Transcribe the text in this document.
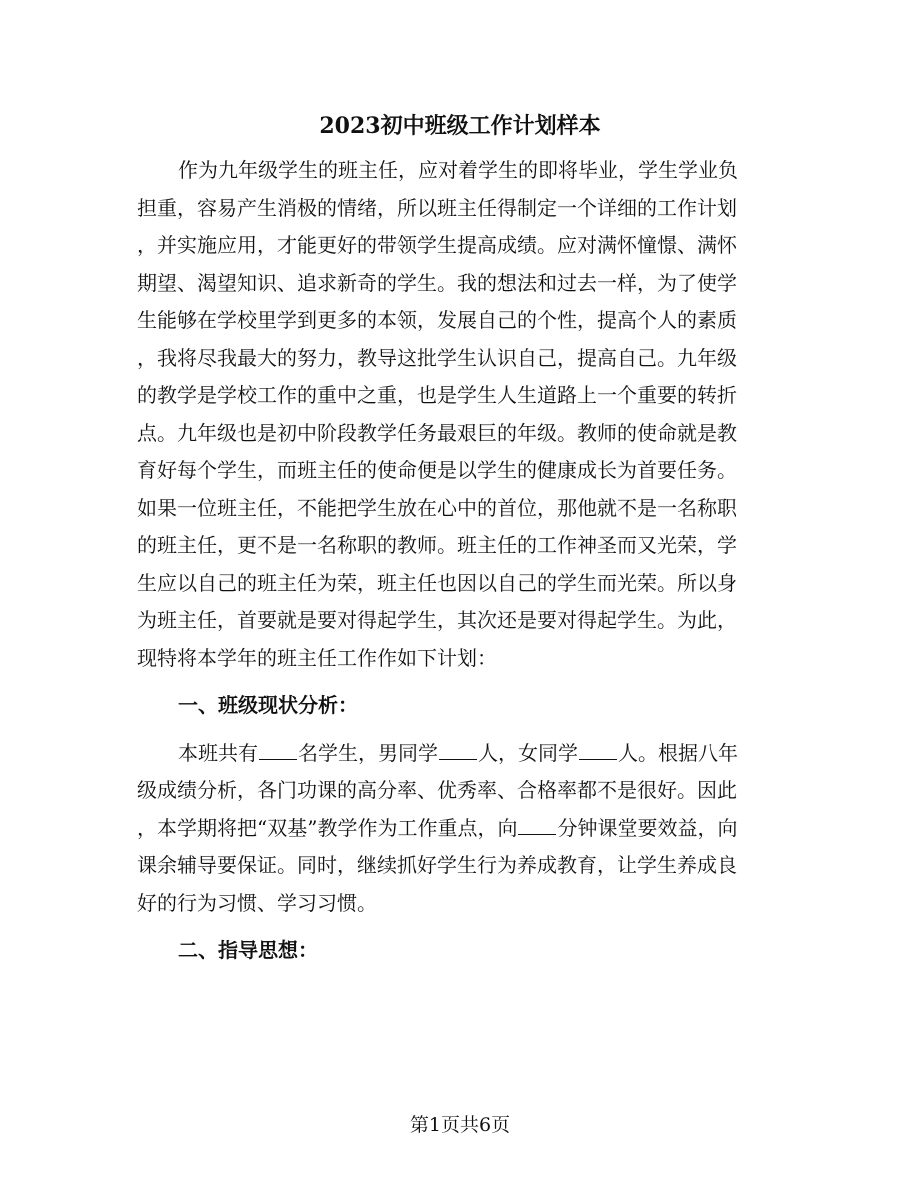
2023初中班级工作计划样本
作为九年级学生的班主任，应对着学生的即将毕业，学生学业负
担重，容易产生消极的情绪，所以班主任得制定一个详细的工作计划
，并实施应用，才能更好的带领学生提高成绩。应对满怀憧憬、满怀
期望、渴望知识、追求新奇的学生。我的想法和过去一样，为了使学
生能够在学校里学到更多的本领，发展自己的个性，提高个人的素质
，我将尽我最大的努力，教导这批学生认识自己，提高自己。九年级
的教学是学校工作的重中之重，也是学生人生道路上一个重要的转折
点。九年级也是初中阶段教学任务最艰巨的年级。教师的使命就是教
育好每个学生，而班主任的使命便是以学生的健康成长为首要任务。
如果一位班主任，不能把学生放在心中的首位，那他就不是一名称职
的班主任，更不是一名称职的教师。班主任的工作神圣而又光荣，学
生应以自己的班主任为荣，班主任也因以自己的学生而光荣。所以身
为班主任，首要就是要对得起学生，其次还是要对得起学生。为此，
现特将本学年的班主任工作作如下计划：
一、班级现状分析：
本班共有 名学生，男同学 人，女同学 人。根据八年
级成绩分析，各门功课的高分率、优秀率、合格率都不是很好。因此
，本学期将把“双基”教学作为工作重点，向 分钟课堂要效益，向
课余辅导要保证。同时，继续抓好学生行为养成教育，让学生养成良
好的行为习惯、学习习惯。
二、指导思想：
第1页共6页
